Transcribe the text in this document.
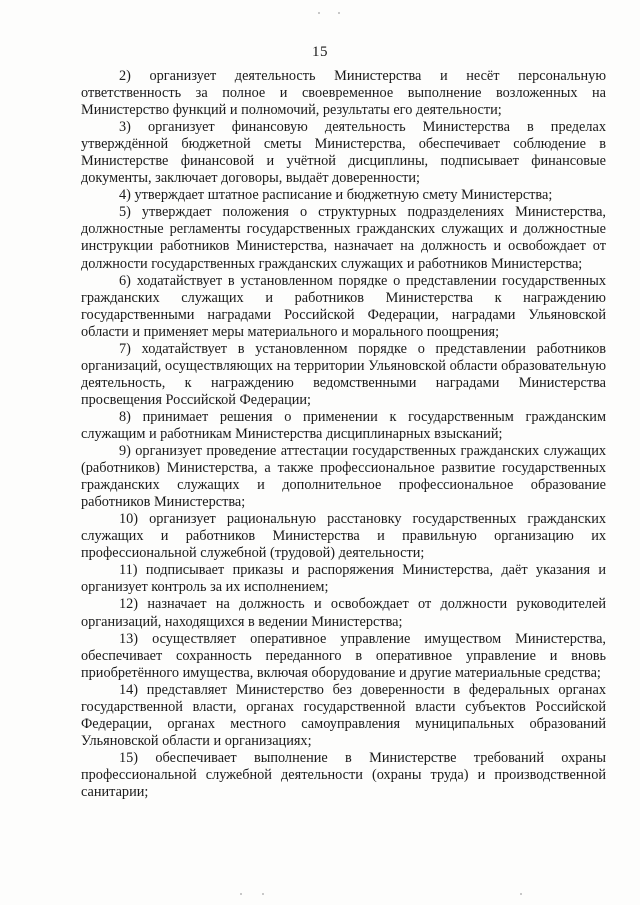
15

2) организует деятельность Министерства и несёт персональную ответственность за полное и своевременное выполнение возложенных на Министерство функций и полномочий, результаты его деятельности;

3) организует финансовую деятельность Министерства в пределах утверждённой бюджетной сметы Министерства, обеспечивает соблюдение в Министерстве финансовой и учётной дисциплины, подписывает финансовые документы, заключает договоры, выдаёт доверенности;

4) утверждает штатное расписание и бюджетную смету Министерства;

5) утверждает положения о структурных подразделениях Министерства, должностные регламенты государственных гражданских служащих и должностные инструкции работников Министерства, назначает на должность и освобождает от должности государственных гражданских служащих и работников Министерства;

6) ходатайствует в установленном порядке о представлении государственных гражданских служащих и работников Министерства к награждению государственными наградами Российской Федерации, наградами Ульяновской области и применяет меры материального и морального поощрения;

7) ходатайствует в установленном порядке о представлении работников организаций, осуществляющих на территории Ульяновской области образовательную деятельность, к награждению ведомственными наградами Министерства просвещения Российской Федерации;

8) принимает решения о применении к государственным гражданским служащим и работникам Министерства дисциплинарных взысканий;

9) организует проведение аттестации государственных гражданских служащих (работников) Министерства, а также профессиональное развитие государственных гражданских служащих и дополнительное профессиональное образование работников Министерства;

10) организует рациональную расстановку государственных гражданских служащих и работников Министерства и правильную организацию их профессиональной служебной (трудовой) деятельности;

11) подписывает приказы и распоряжения Министерства, даёт указания и организует контроль за их исполнением;

12) назначает на должность и освобождает от должности руководителей организаций, находящихся в ведении Министерства;

13) осуществляет оперативное управление имуществом Министерства, обеспечивает сохранность переданного в оперативное управление и вновь приобретённого имущества, включая оборудование и другие материальные средства;

14) представляет Министерство без доверенности в федеральных органах государственной власти, органах государственной власти субъектов Российской Федерации, органах местного самоуправления муниципальных образований Ульяновской области и организациях;

15) обеспечивает выполнение в Министерстве требований охраны профессиональной служебной деятельности (охраны труда) и производственной санитарии;
